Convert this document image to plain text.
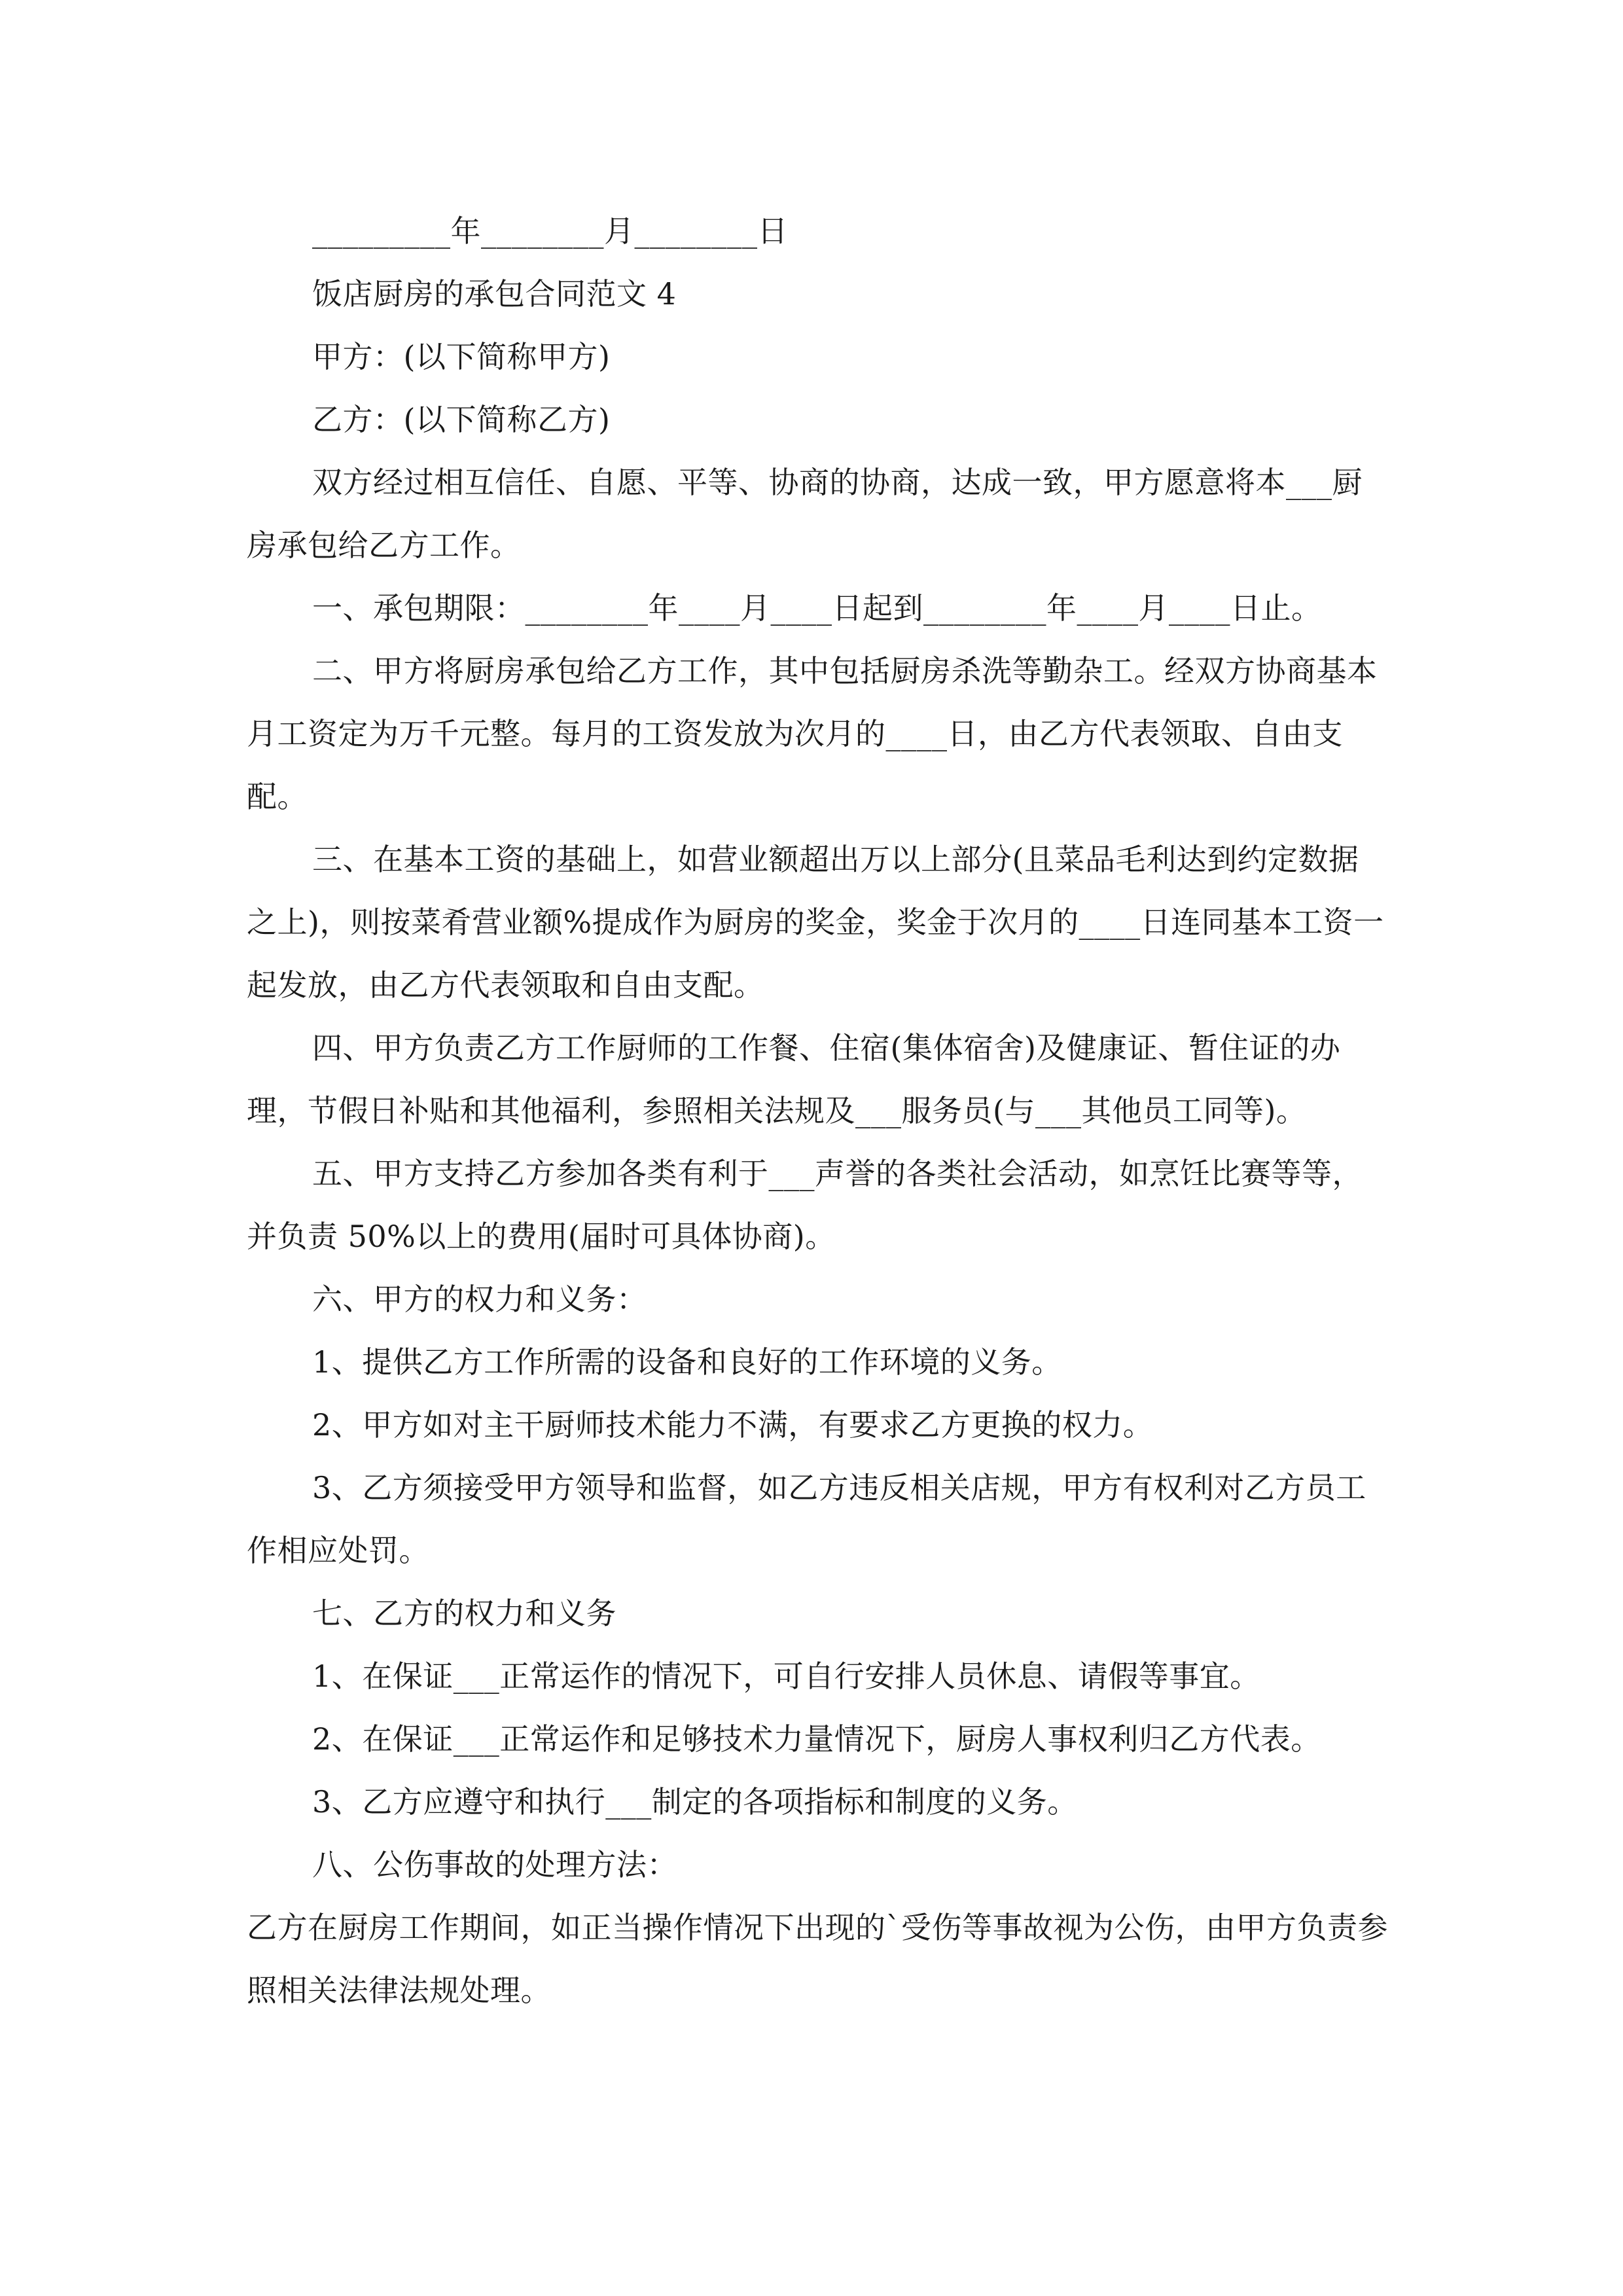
_________年________月________日

饭店厨房的承包合同范文 4

甲方：(以下简称甲方)

乙方：(以下简称乙方)

双方经过相互信任、自愿、平等、协商的协商，达成一致，甲方愿意将本___厨房承包给乙方工作。

一、承包期限：________年____月____日起到________年____月____日止。

二、甲方将厨房承包给乙方工作，其中包括厨房杀洗等勤杂工。经双方协商基本月工资定为万千元整。每月的工资发放为次月的____日，由乙方代表领取、自由支配。

三、在基本工资的基础上，如营业额超出万以上部分(且菜品毛利达到约定数据之上)，则按菜肴营业额%提成作为厨房的奖金，奖金于次月的____日连同基本工资一起发放，由乙方代表领取和自由支配。

四、甲方负责乙方工作厨师的工作餐、住宿(集体宿舍)及健康证、暂住证的办理，节假日补贴和其他福利，参照相关法规及___服务员(与___其他员工同等)。

五、甲方支持乙方参加各类有利于___声誉的各类社会活动，如烹饪比赛等等，并负责 50%以上的费用(届时可具体协商)。

六、甲方的权力和义务：

1、提供乙方工作所需的设备和良好的工作环境的义务。

2、甲方如对主干厨师技术能力不满，有要求乙方更换的权力。

3、乙方须接受甲方领导和监督，如乙方违反相关店规，甲方有权利对乙方员工作相应处罚。

七、乙方的权力和义务

1、在保证___正常运作的情况下，可自行安排人员休息、请假等事宜。

2、在保证___正常运作和足够技术力量情况下，厨房人事权利归乙方代表。

3、乙方应遵守和执行___制定的各项指标和制度的义务。

八、公伤事故的处理方法：

乙方在厨房工作期间，如正当操作情况下出现的`受伤等事故视为公伤，由甲方负责参照相关法律法规处理。
